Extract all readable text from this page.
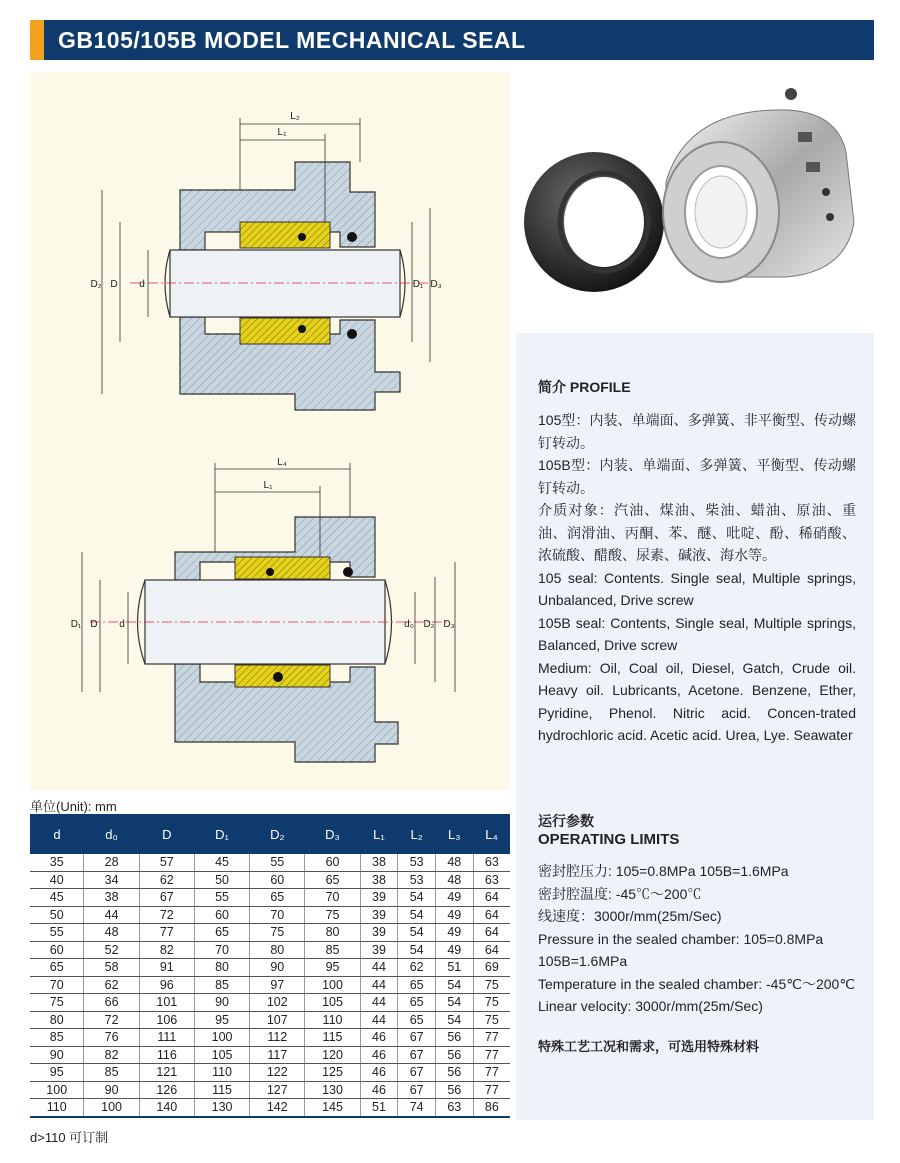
GB105/105B MODEL MECHANICAL SEAL
L₂
L₁
D₂ D d	D₁ D₃
L₄
L₁
D₁ D d	d₀ D₂ D₃
简介 PROFILE
105型：内装、单端面、多弹簧、非平衡型、传动螺钉转动。
105B型：内装、单端面、多弹簧、平衡型、传动螺钉转动。
介质对象：汽油、煤油、柴油、蜡油、原油、重油、润滑油、丙酮、苯、醚、吡啶、酚、稀硝酸、浓硫酸、醋酸、尿素、碱液、海水等。
105 seal: Contents. Single seal, Multiple springs, Unbalanced, Drive screw
105B seal: Contents, Single seal, Multiple springs, Balanced, Drive screw
Medium: Oil, Coal oil, Diesel, Gatch, Crude oil. Heavy oil. Lubricants, Acetone. Benzene, Ether, Pyridine, Phenol. Nitric acid. Concen-trated hydrochloric acid. Acetic acid. Urea, Lye. Seawater
运行参数
OPERATING LIMITS
密封腔压力: 105=0.8MPa 105B=1.6MPa
密封腔温度: -45℃～200℃
线速度：3000r/mm(25m/Sec)
Pressure in the sealed chamber: 105=0.8MPa 105B=1.6MPa
Temperature in the sealed chamber: -45℃～200℃
Linear velocity: 3000r/mm(25m/Sec)
特殊工艺工况和需求，可选用特殊材料
单位(Unit): mm
d	d₀	D	D₁	D₂	D₃	L₁	L₂	L₃	L₄
35	28	57	45	55	60	38	53	48	63
40	34	62	50	60	65	38	53	48	63
45	38	67	55	65	70	39	54	49	64
50	44	72	60	70	75	39	54	49	64
55	48	77	65	75	80	39	54	49	64
60	52	82	70	80	85	39	54	49	64
65	58	91	80	90	95	44	62	51	69
70	62	96	85	97	100	44	65	54	75
75	66	101	90	102	105	44	65	54	75
80	72	106	95	107	110	44	65	54	75
85	76	111	100	112	115	46	67	56	77
90	82	116	105	117	120	46	67	56	77
95	85	121	110	122	125	46	67	56	77
100	90	126	115	127	130	46	67	56	77
110	100	140	130	142	145	51	74	63	86
d>110 可订制
